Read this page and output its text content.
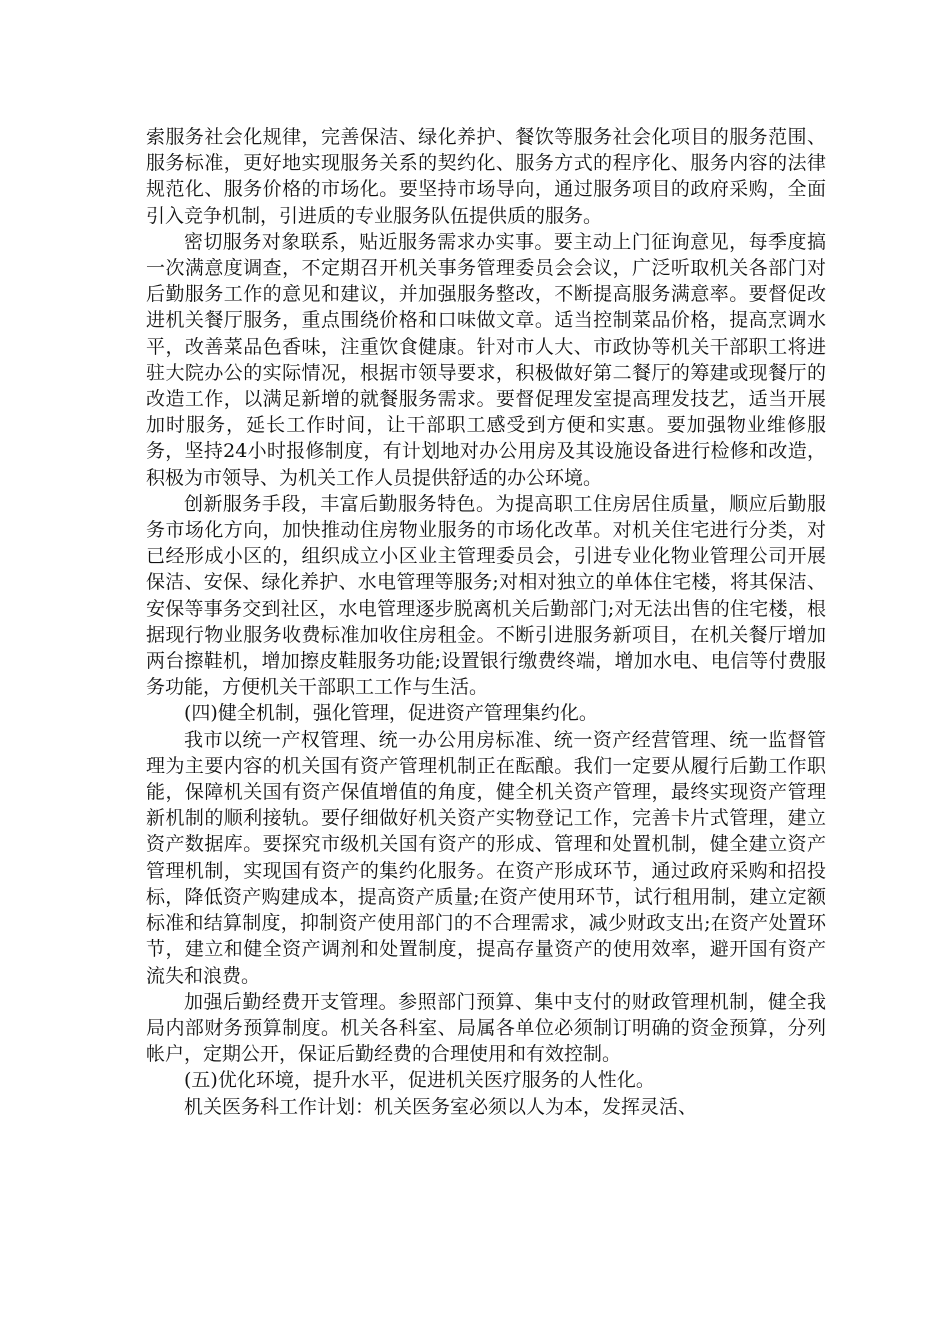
索服务社会化规律，完善保洁、绿化养护、餐饮等服务社会化项目的服务范围、服务标准，更好地实现服务关系的契约化、服务方式的程序化、服务内容的法律规范化、服务价格的市场化。要坚持市场导向，通过服务项目的政府采购，全面引入竞争机制，引进质的专业服务队伍提供质的服务。

密切服务对象联系，贴近服务需求办实事。要主动上门征询意见，每季度搞一次满意度调查，不定期召开机关事务管理委员会会议，广泛听取机关各部门对后勤服务工作的意见和建议，并加强服务整改，不断提高服务满意率。要督促改进机关餐厅服务，重点围绕价格和口味做文章。适当控制菜品价格，提高烹调水平，改善菜品色香味，注重饮食健康。针对市人大、市政协等机关干部职工将进驻大院办公的实际情况，根据市领导要求，积极做好第二餐厅的筹建或现餐厅的改造工作，以满足新增的就餐服务需求。要督促理发室提高理发技艺，适当开展加时服务，延长工作时间，让干部职工感受到方便和实惠。要加强物业维修服务，坚持24小时报修制度，有计划地对办公用房及其设施设备进行检修和改造，积极为市领导、为机关工作人员提供舒适的办公环境。

创新服务手段，丰富后勤服务特色。为提高职工住房居住质量，顺应后勤服务市场化方向，加快推动住房物业服务的市场化改革。对机关住宅进行分类，对已经形成小区的，组织成立小区业主管理委员会，引进专业化物业管理公司开展保洁、安保、绿化养护、水电管理等服务;对相对独立的单体住宅楼，将其保洁、安保等事务交到社区，水电管理逐步脱离机关后勤部门;对无法出售的住宅楼，根据现行物业服务收费标准加收住房租金。不断引进服务新项目，在机关餐厅增加两台擦鞋机，增加擦皮鞋服务功能;设置银行缴费终端，增加水电、电信等付费服务功能，方便机关干部职工工作与生活。

(四)健全机制，强化管理，促进资产管理集约化。

我市以统一产权管理、统一办公用房标准、统一资产经营管理、统一监督管理为主要内容的机关国有资产管理机制正在酝酿。我们一定要从履行后勤工作职能，保障机关国有资产保值增值的角度，健全机关资产管理，最终实现资产管理新机制的顺利接轨。要仔细做好机关资产实物登记工作，完善卡片式管理，建立资产数据库。要探究市级机关国有资产的形成、管理和处置机制，健全建立资产管理机制，实现国有资产的集约化服务。在资产形成环节，通过政府采购和招投标，降低资产购建成本，提高资产质量;在资产使用环节，试行租用制，建立定额标准和结算制度，抑制资产使用部门的不合理需求，减少财政支出;在资产处置环节，建立和健全资产调剂和处置制度，提高存量资产的使用效率，避开国有资产流失和浪费。

加强后勤经费开支管理。参照部门预算、集中支付的财政管理机制，健全我局内部财务预算制度。机关各科室、局属各单位必须制订明确的资金预算，分列帐户，定期公开，保证后勤经费的合理使用和有效控制。

(五)优化环境，提升水平，促进机关医疗服务的人性化。

机关医务科工作计划：机关医务室必须以人为本，发挥灵活、
